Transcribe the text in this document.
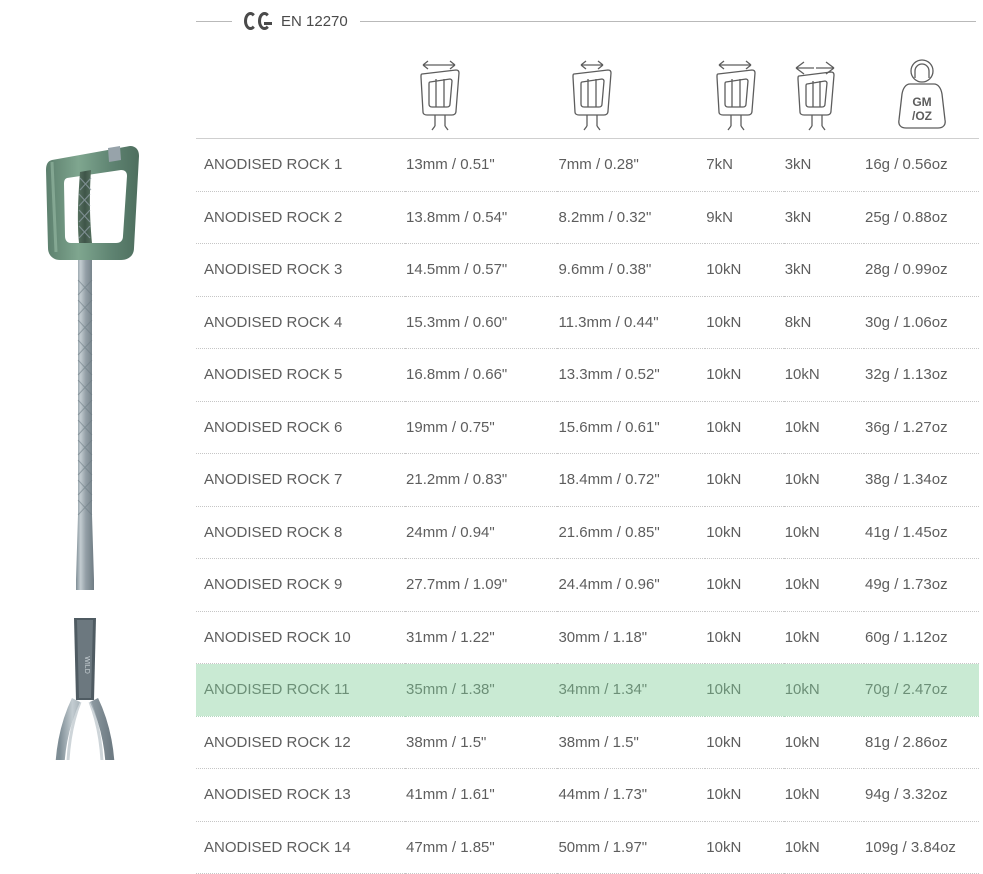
EN 12270
WILD

GM
/OZ

ANODISED ROCK 1	13mm / 0.51"	7mm / 0.28"	7kN	3kN	16g / 0.56oz
ANODISED ROCK 2	13.8mm / 0.54"	8.2mm / 0.32"	9kN	3kN	25g / 0.88oz
ANODISED ROCK 3	14.5mm / 0.57"	9.6mm / 0.38"	10kN	3kN	28g / 0.99oz
ANODISED ROCK 4	15.3mm / 0.60"	11.3mm / 0.44"	10kN	8kN	30g / 1.06oz
ANODISED ROCK 5	16.8mm / 0.66"	13.3mm / 0.52"	10kN	10kN	32g / 1.13oz
ANODISED ROCK 6	19mm / 0.75"	15.6mm / 0.61"	10kN	10kN	36g / 1.27oz
ANODISED ROCK 7	21.2mm / 0.83"	18.4mm / 0.72"	10kN	10kN	38g / 1.34oz
ANODISED ROCK 8	24mm / 0.94"	21.6mm / 0.85"	10kN	10kN	41g / 1.45oz
ANODISED ROCK 9	27.7mm / 1.09"	24.4mm / 0.96"	10kN	10kN	49g / 1.73oz
ANODISED ROCK 10	31mm / 1.22"	30mm / 1.18"	10kN	10kN	60g / 1.12oz
ANODISED ROCK 11	35mm / 1.38"	34mm / 1.34"	10kN	10kN	70g / 2.47oz
ANODISED ROCK 12	38mm / 1.5"	38mm / 1.5"	10kN	10kN	81g / 2.86oz
ANODISED ROCK 13	41mm / 1.61"	44mm / 1.73"	10kN	10kN	94g / 3.32oz
ANODISED ROCK 14	47mm / 1.85"	50mm / 1.97"	10kN	10kN	109g / 3.84oz
